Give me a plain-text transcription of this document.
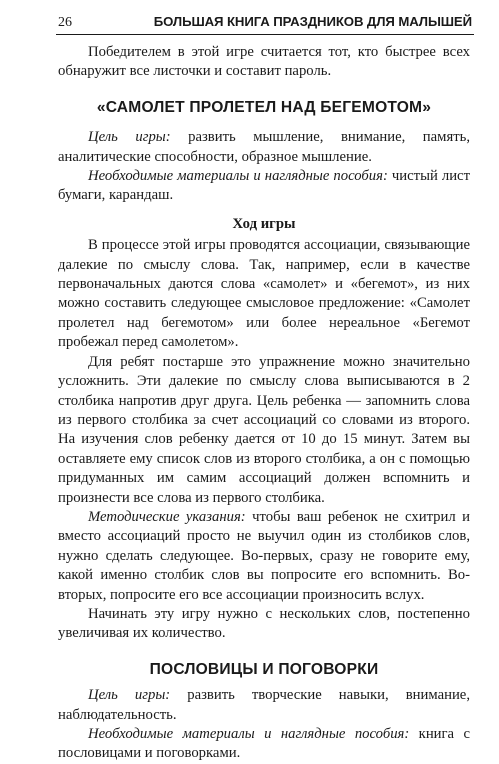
26	БОЛЬШАЯ КНИГА ПРАЗДНИКОВ ДЛЯ МАЛЫШЕЙ

Победителем в этой игре считается тот, кто быстрее всех обнаружит все листочки и составит пароль.

«САМОЛЕТ ПРОЛЕТЕЛ НАД БЕГЕМОТОМ»

Цель игры: развить мышление, внимание, память, аналитические способности, образное мышление.

Необходимые материалы и наглядные пособия: чистый лист бумаги, карандаш.

Ход игры

В процессе этой игры проводятся ассоциации, связывающие далекие по смыслу слова. Так, например, если в качестве первоначальных даются слова «самолет» и «бегемот», из них можно составить следующее смысловое предложение: «Самолет пролетел над бегемотом» или более нереальное «Бегемот пробежал перед самолетом».

Для ребят постарше это упражнение можно значительно усложнить. Эти далекие по смыслу слова выписываются в 2 столбика напротив друг друга. Цель ребенка — запомнить слова из первого столбика за счет ассоциаций со словами из второго. На изучения слов ребенку дается от 10 до 15 минут. Затем вы оставляете ему список слов из второго столбика, а он с помощью придуманных им самим ассоциаций должен вспомнить и произнести все слова из первого столбика.

Методические указания: чтобы ваш ребенок не схитрил и вместо ассоциаций просто не выучил один из столбиков слов, нужно сделать следующее. Во-первых, сразу не говорите ему, какой именно столбик слов вы попросите его вспомнить. Во-вторых, попросите его все ассоциации произносить вслух.

Начинать эту игру нужно с нескольких слов, постепенно увеличивая их количество.

ПОСЛОВИЦЫ И ПОГОВОРКИ

Цель игры: развить творческие навыки, внимание, наблюдательность.

Необходимые материалы и наглядные пособия: книга с пословицами и поговорками.
